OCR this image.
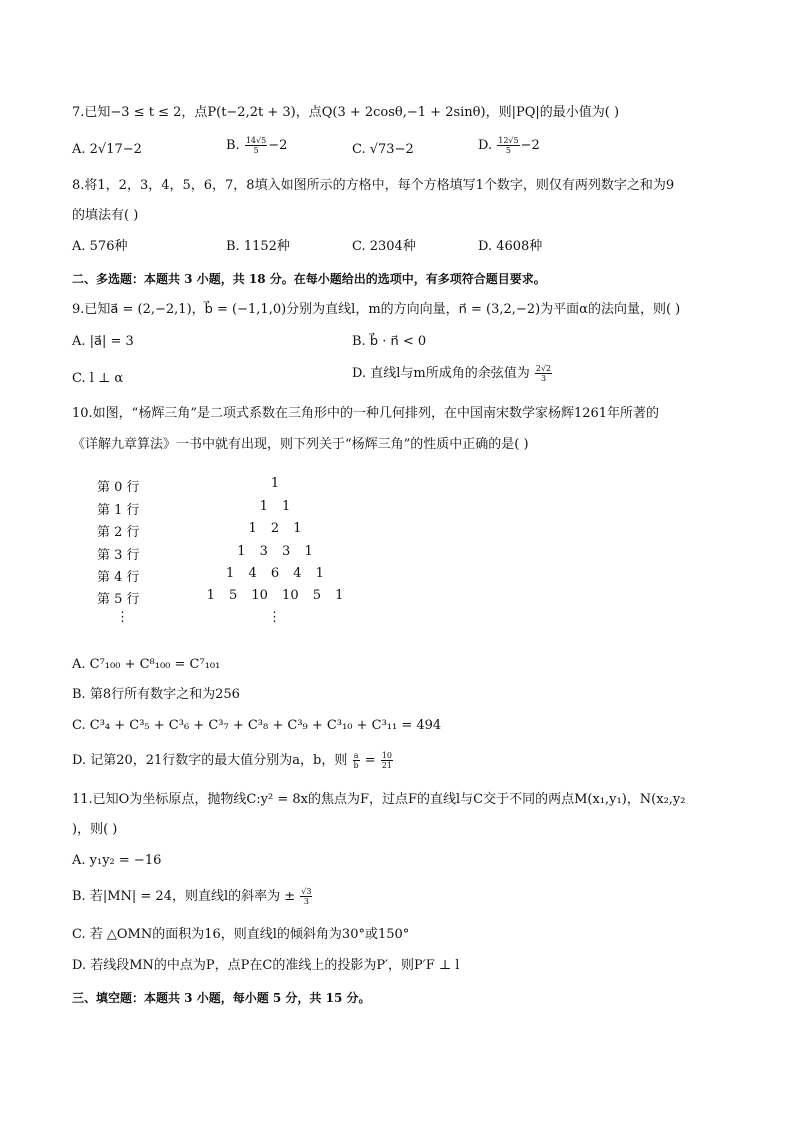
7.已知−3 ≤ t ≤ 2，点P(t−2,2t + 3)，点Q(3 + 2cosθ,−1 + 2sinθ)，则|PQ|的最小值为( )
A. 2√17−2	B. $\frac{14√5}{5} -2$	C. √73−2	D. $\frac{12√5}{5} -2$
8.将1，2，3，4，5，6，7，8填入如图所示的方格中，每个方格填写1个数字，则仅有两列数字之和为9
的填法有( )
A. 576种	B. 1152种	C. 2304种	D. 4608种
二、多选题：本题共 3 小题，共 18 分。在每小题给出的选项中，有多项符合题目要求。
9.已知a⃗ = (2,−2,1)，b⃗ = (−1,1,0)分别为直线l，m的方向向量，n⃗ = (3,2,−2)为平面α的法向量，则( )
A. |a⃗| = 3	B. b⃗ · n⃗ < 0
C. l ⊥ α	D. 直线l与m所成角的余弦值为 $\frac{2√2}{3}$
10.如图，“杨辉三角”是二项式系数在三角形中的一种几何排列，在中国南宋数学家杨辉1261年所著的
《详解九章算法》一书中就有出现，则下列关于“杨辉三角”的性质中正确的是( )
第 0 行	1
第 1 行	1 1
第 2 行	1 2 1
第 3 行	1 3 3 1
第 4 行	1 4 6 4 1
第 5 行	1 5 10 10 5 1
⋮	⋮
A. C⁷₁₀₀ + C⁸₁₀₀ = C⁷₁₀₁
B. 第8行所有数字之和为256
C. C³₄ + C³₅ + C³₆ + C³₇ + C³₈ + C³₉ + C³₁₀ + C³₁₁ = 494
D. 记第20，21行数字的最大值分别为a，b，则 $\frac{a}{b} = \frac{10}{21}$
11.已知O为坐标原点，抛物线C:y² = 8x的焦点为F，过点F的直线l与C交于不同的两点M(x₁,y₁)，N(x₂,y₂
)，则( )
A. y₁y₂ = −16
B. 若|MN| = 24，则直线l的斜率为 ± $\frac{√3}{3}$
C. 若 △OMN的面积为16，则直线l的倾斜角为30°或150°
D. 若线段MN的中点为P，点P在C的准线上的投影为P′，则P′F ⊥ l
三、填空题：本题共 3 小题，每小题 5 分，共 15 分。
